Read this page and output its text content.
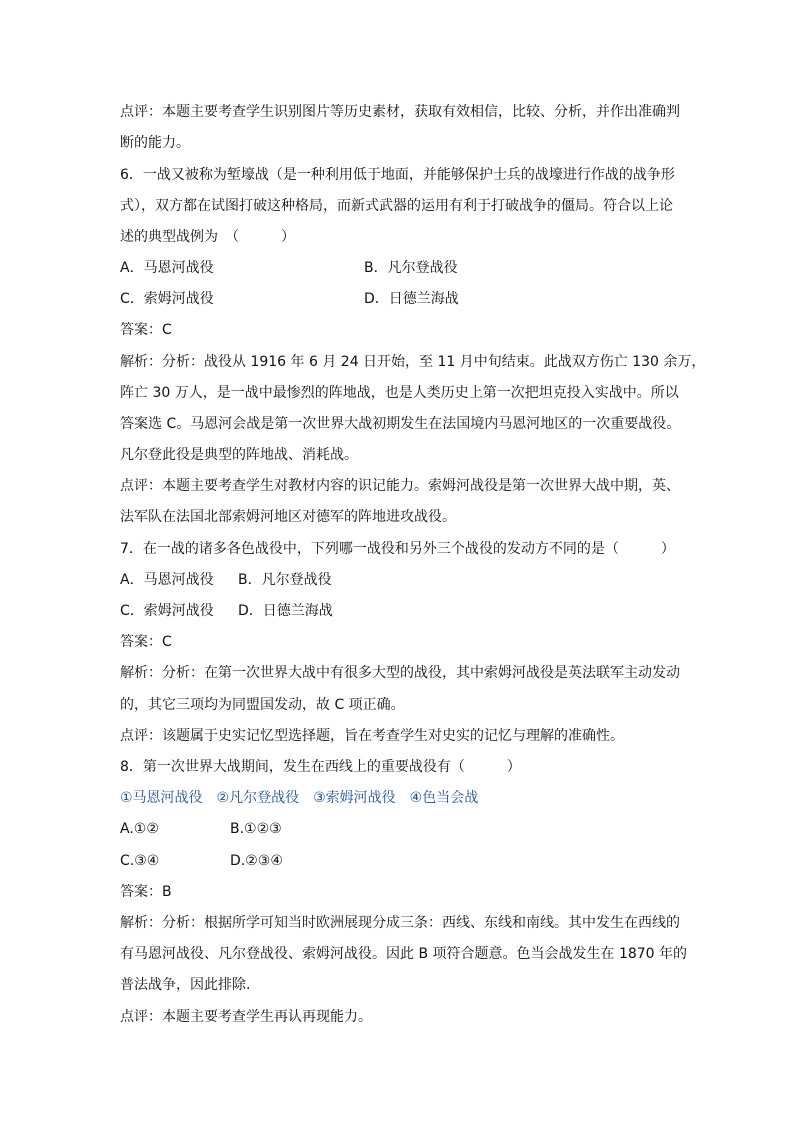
点评：本题主要考查学生识别图片等历史素材，获取有效相信，比较、分析，并作出准确判
断的能力。
6．一战又被称为堑壕战（是一种利用低于地面，并能够保护士兵的战壕进行作战的战争形
式），双方都在试图打破这种格局，而新式武器的运用有利于打破战争的僵局。符合以上论
述的典型战例为　（　　　）
A．马恩河战役	B．凡尔登战役
C．索姆河战役	D．日德兰海战
答案：C
解析：分析：战役从 1916 年 6 月 24 日开始，至 11 月中旬结束。此战双方伤亡 130 余万，
阵亡 30 万人，是一战中最惨烈的阵地战，也是人类历史上第一次把坦克投入实战中。所以
答案选 C。马恩河会战是第一次世界大战初期发生在法国境内马恩河地区的一次重要战役。
凡尔登此役是典型的阵地战、消耗战。
点评：本题主要考查学生对教材内容的识记能力。索姆河战役是第一次世界大战中期，英、
法军队在法国北部索姆河地区对德军的阵地进攻战役。
7．在一战的诸多各色战役中，下列哪一战役和另外三个战役的发动方不同的是（　　　）
A．马恩河战役 B．凡尔登战役
C．索姆河战役 D．日德兰海战
答案：C
解析：分析：在第一次世界大战中有很多大型的战役，其中索姆河战役是英法联军主动发动
的，其它三项均为同盟国发动，故 C 项正确。
点评：该题属于史实记忆型选择题，旨在考查学生对史实的记忆与理解的准确性。
8．第一次世界大战期间，发生在西线上的重要战役有（　　　）
①马恩河战役　②凡尔登战役　③索姆河战役　④色当会战
A.①②	B.①②③
C.③④	D.②③④
答案：B
解析：分析：根据所学可知当时欧洲展现分成三条：西线、东线和南线。其中发生在西线的
有马恩河战役、凡尔登战役、索姆河战役。因此 B 项符合题意。色当会战发生在 1870 年的
普法战争，因此排除.
点评：本题主要考查学生再认再现能力。
